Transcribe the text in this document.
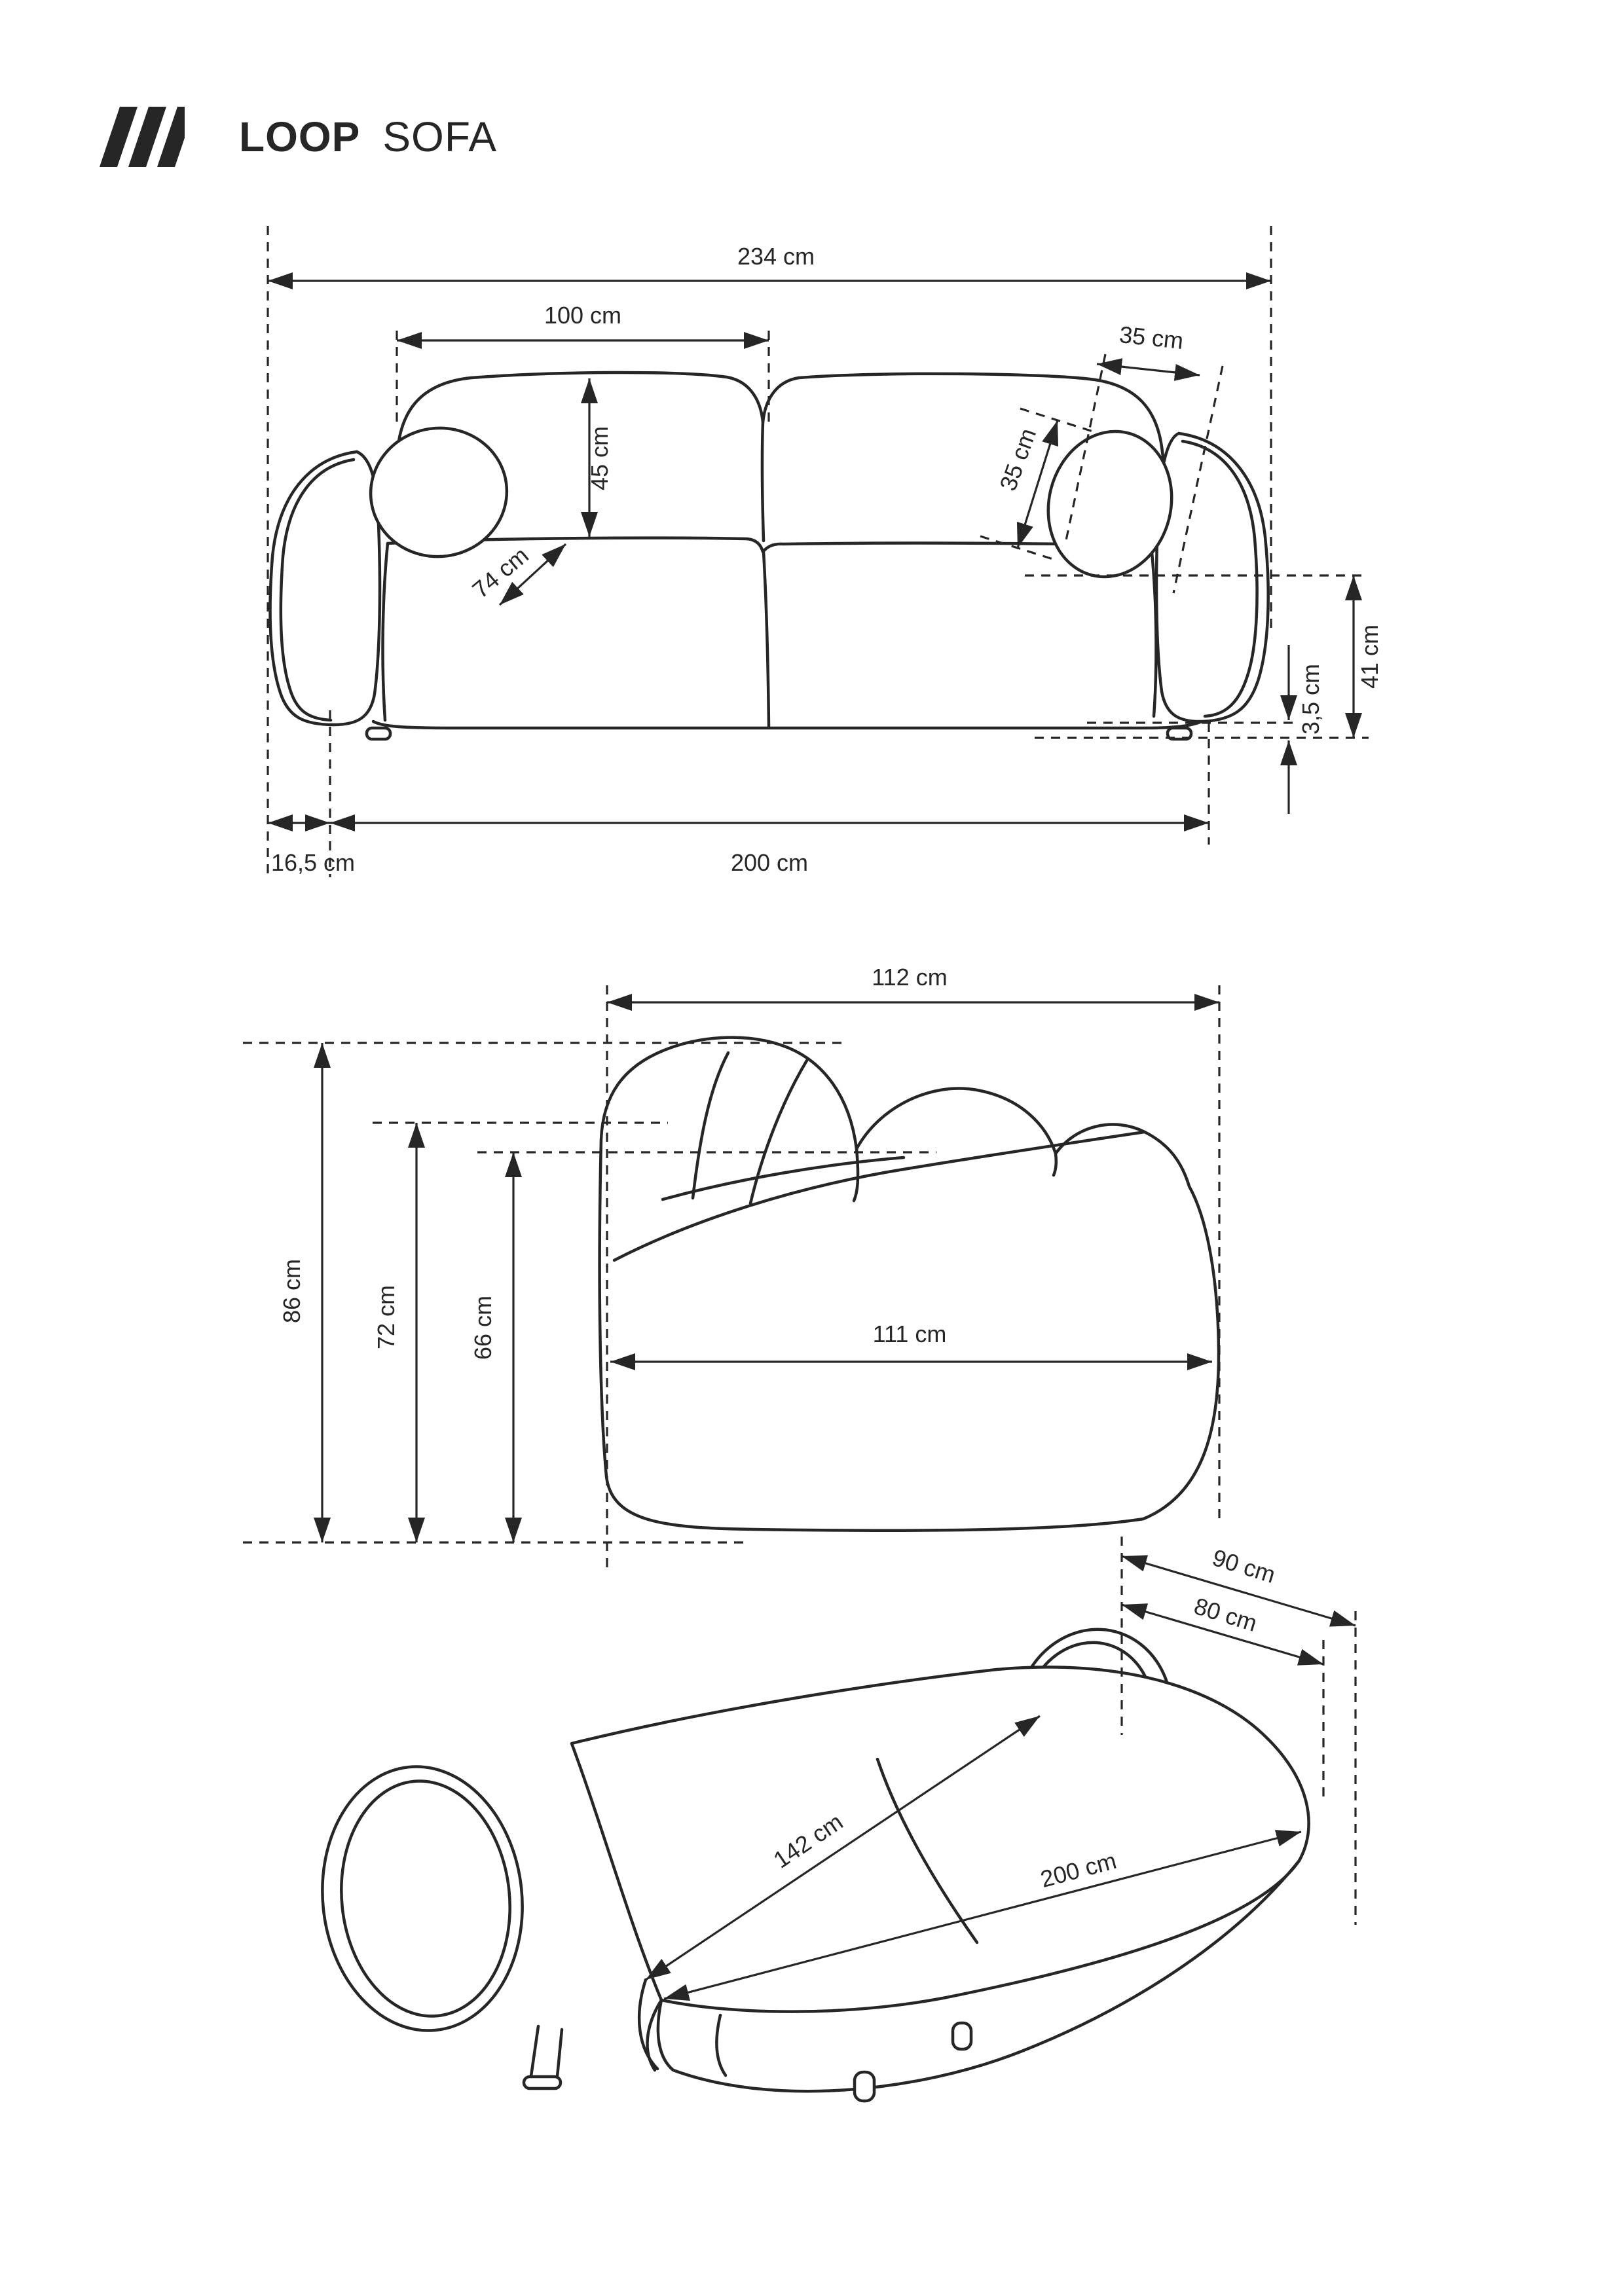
LOOP SOFA
234 cm
100 cm
45 cm
74 cm
35 cm
35 cm
41 cm
3,5 cm
200 cm
16,5 cm
112 cm
86 cm	72 cm	66 cm	111 cm
90 cm
80 cm
142 cm	200 cm
